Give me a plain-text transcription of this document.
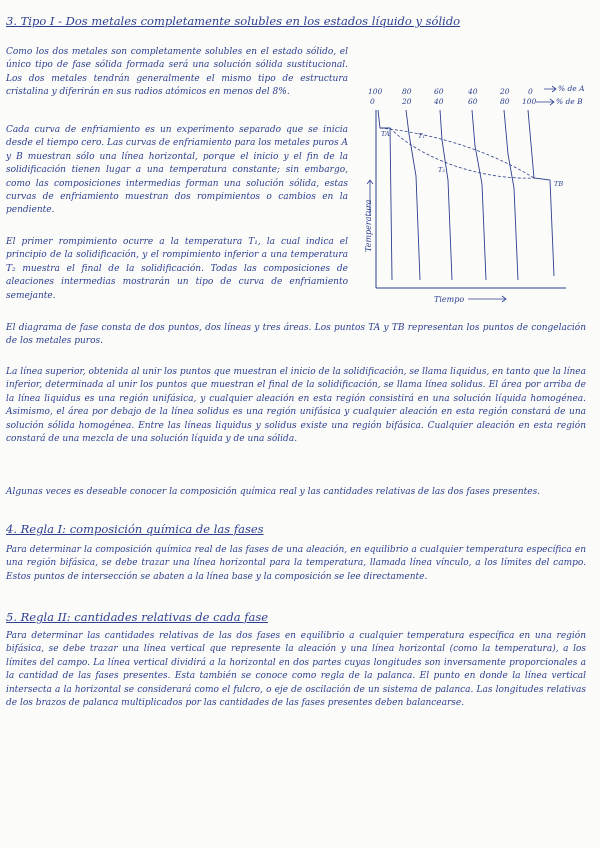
3. Tipo I - Dos metales completamente solubles en los estados líquido y sólido

Como los dos metales son completamente solubles en el estado sólido, el único tipo de fase sólida formada será una solución sólida sustitucional. Los dos metales tendrán generalmente el mismo tipo de estructura cristalina y diferirán en sus radios atómicos en menos del 8%.

Cada curva de enfriamiento es un experimento separado que se inicia desde el tiempo cero. Las curvas de enfriamiento para los metales puros A y B muestran sólo una línea horizontal, porque el inicio y el fin de la solidificación tienen lugar a una temperatura constante; sin embargo, como las composiciones intermedias forman una solución sólida, estas curvas de enfriamiento muestran dos rompimientos o cambios en la pendiente.

El primer rompimiento ocurre a la temperatura T₁, la cual indica el principio de la solidificación, y el rompimiento inferior a una temperatura T₂ muestra el final de la solidificación. Todas las composiciones de aleaciones intermedias mostrarán un tipo de curva de enfriamiento semejante.

100	80	60	40	20 0
0	20	40	60	80 100
% de A
% de B
TA	T₁
T₂
TB
Temperatura
Tiempo

El diagrama de fase consta de dos puntos, dos líneas y tres áreas. Los puntos TA y TB representan los puntos de congelación de los metales puros.

La línea superior, obtenida al unir los puntos que muestran el inicio de la solidificación, se llama liquidus, en tanto que la línea inferior, determinada al unir los puntos que muestran el final de la solidificación, se llama línea solidus. El área por arriba de la línea liquidus es una región unifásica, y cualquier aleación en esta región consistirá en una solución líquida homogénea. Asimismo, el área por debajo de la línea solidus es una región unifásica y cualquier aleación en esta región constará de una solución sólida homogénea. Entre las líneas liquidus y solidus existe una región bifásica. Cualquier aleación en esta región constará de una mezcla de una solución líquida y de una sólida.

Algunas veces es deseable conocer la composición química real y las cantidades relativas de las dos fases presentes.

4. Regla I: composición química de las fases

Para determinar la composición química real de las fases de una aleación, en equilibrio a cualquier temperatura específica en una región bifásica, se debe trazar una línea horizontal para la temperatura, llamada línea vínculo, a los límites del campo. Estos puntos de intersección se abaten a la línea base y la composición se lee directamente.

5. Regla II: cantidades relativas de cada fase

Para determinar las cantidades relativas de las dos fases en equilibrio a cualquier temperatura específica en una región bifásica, se debe trazar una línea vertical que represente la aleación y una línea horizontal (como la temperatura), a los límites del campo. La línea vertical dividirá a la horizontal en dos partes cuyas longitudes son inversamente proporcionales a la cantidad de las fases presentes. Esta también se conoce como regla de la palanca. El punto en donde la línea vertical intersecta a la horizontal se considerará como el fulcro, o eje de oscilación de un sistema de palanca. Las longitudes relativas de los brazos de palanca multiplicados por las cantidades de las fases presentes deben balancearse.
